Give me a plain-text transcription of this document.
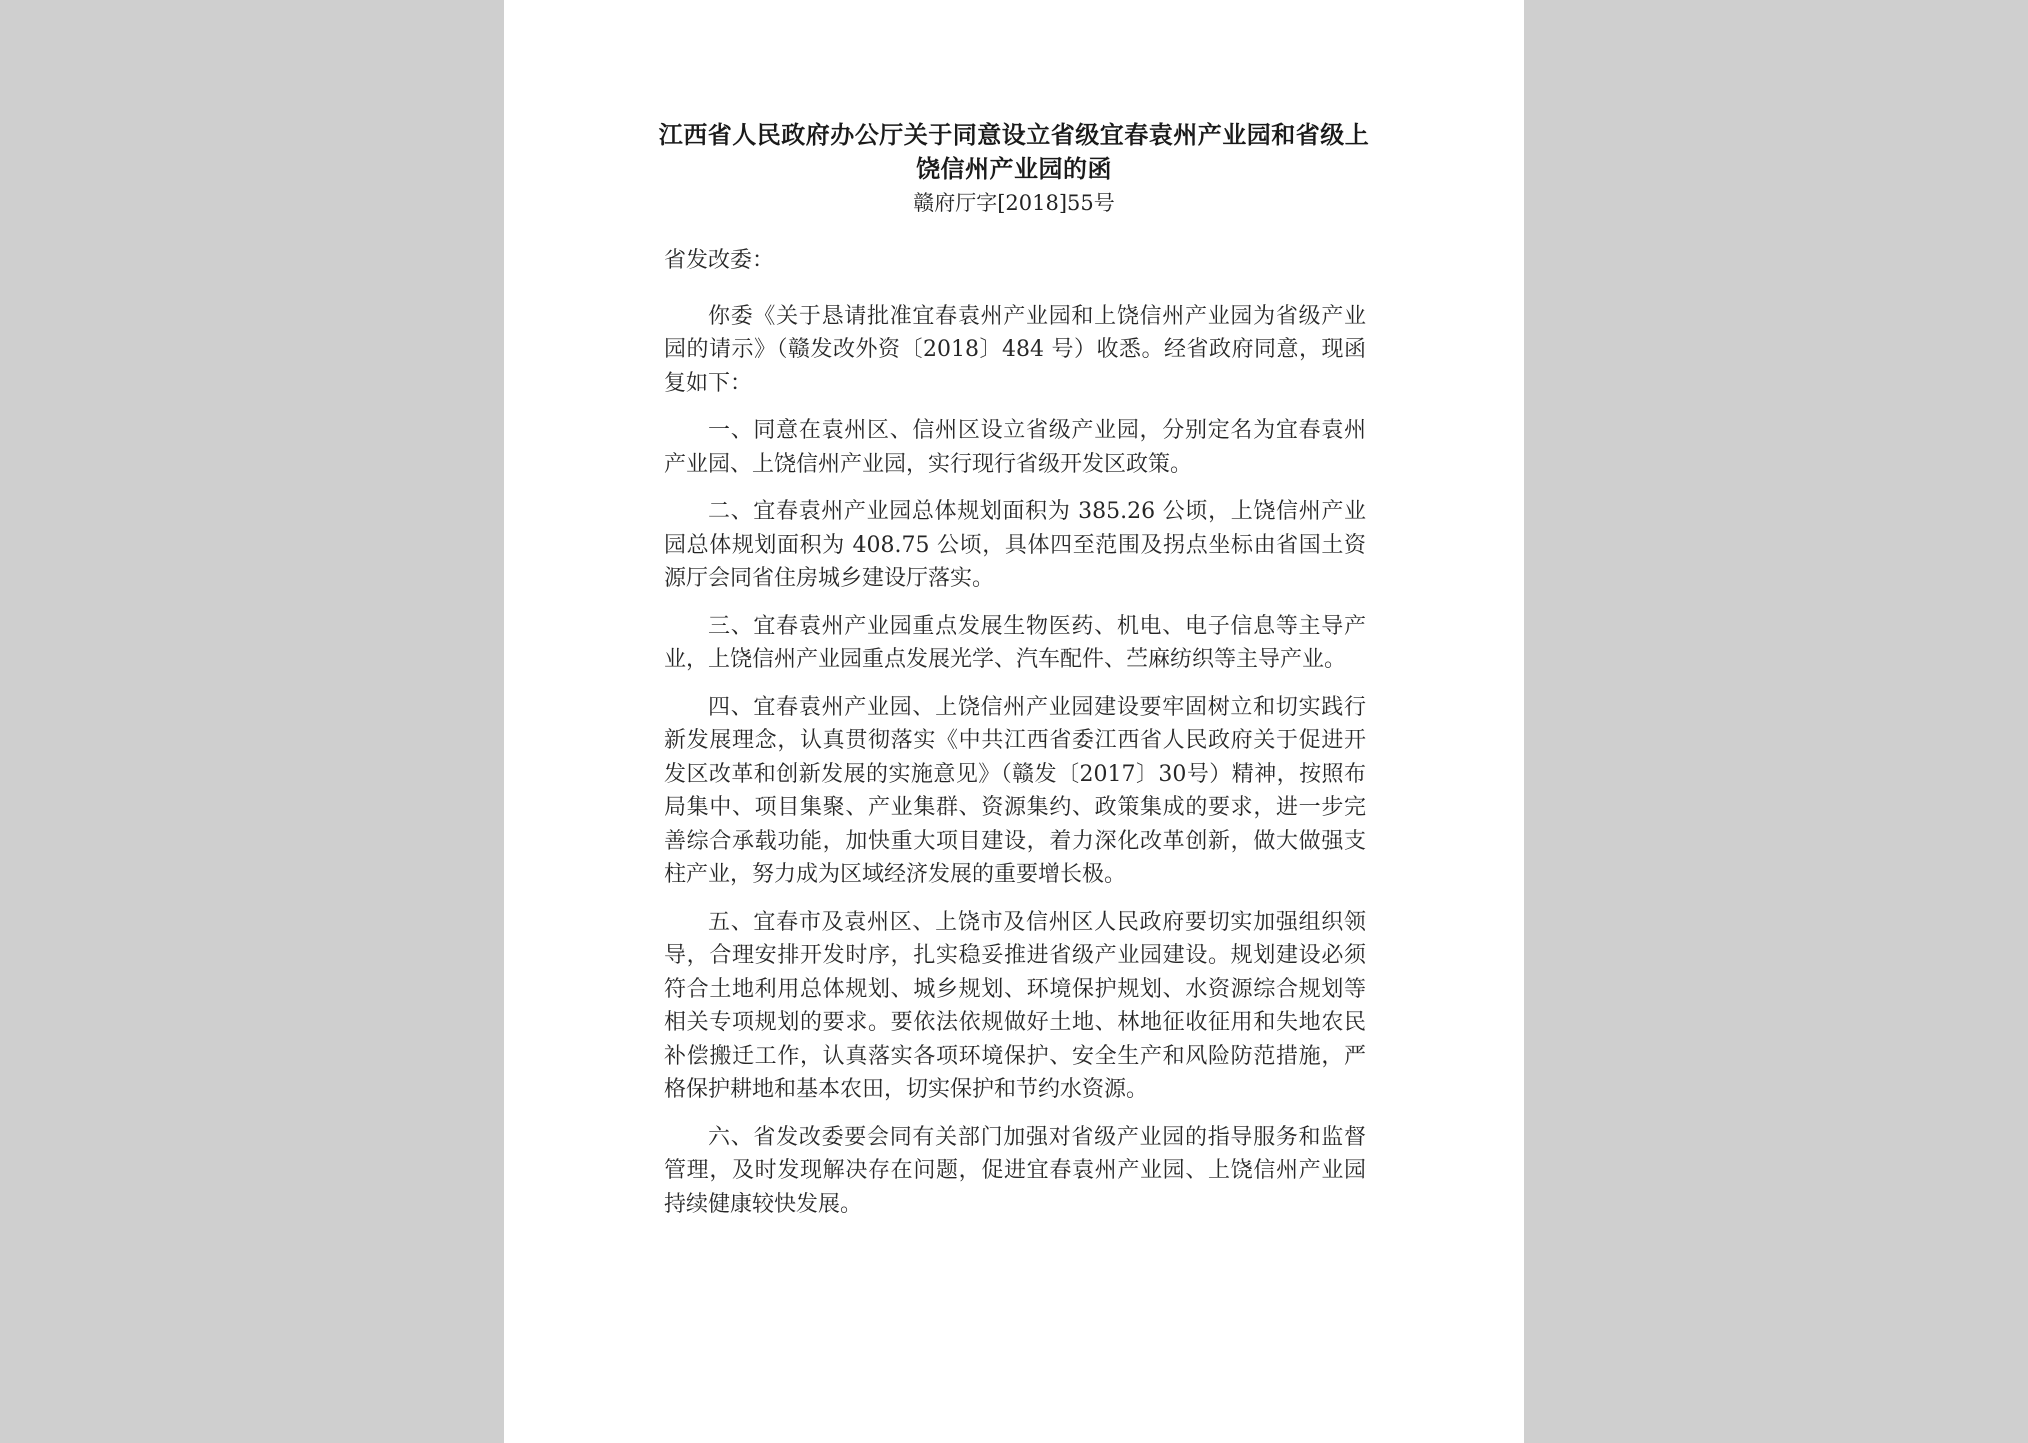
江西省人民政府办公厅关于同意设立省级宜春袁州产业园和省级上饶信州产业园的函
赣府厅字[2018]55号

省发改委：

你委《关于恳请批准宜春袁州产业园和上饶信州产业园为省级产业园的请示》（赣发改外资〔2018〕484 号）收悉。经省政府同意，现函复如下：

一、同意在袁州区、信州区设立省级产业园，分别定名为宜春袁州产业园、上饶信州产业园，实行现行省级开发区政策。

二、宜春袁州产业园总体规划面积为 385.26 公顷，上饶信州产业园总体规划面积为 408.75 公顷，具体四至范围及拐点坐标由省国土资源厅会同省住房城乡建设厅落实。

三、宜春袁州产业园重点发展生物医药、机电、电子信息等主导产业，上饶信州产业园重点发展光学、汽车配件、苎麻纺织等主导产业。

四、宜春袁州产业园、上饶信州产业园建设要牢固树立和切实践行新发展理念，认真贯彻落实《中共江西省委江西省人民政府关于促进开发区改革和创新发展的实施意见》（赣发〔2017〕30号）精神，按照布局集中、项目集聚、产业集群、资源集约、政策集成的要求，进一步完善综合承载功能，加快重大项目建设，着力深化改革创新，做大做强支柱产业，努力成为区域经济发展的重要增长极。

五、宜春市及袁州区、上饶市及信州区人民政府要切实加强组织领导，合理安排开发时序，扎实稳妥推进省级产业园建设。规划建设必须符合土地利用总体规划、城乡规划、环境保护规划、水资源综合规划等相关专项规划的要求。要依法依规做好土地、林地征收征用和失地农民补偿搬迁工作，认真落实各项环境保护、安全生产和风险防范措施，严格保护耕地和基本农田，切实保护和节约水资源。

六、省发改委要会同有关部门加强对省级产业园的指导服务和监督管理，及时发现解决存在问题，促进宜春袁州产业园、上饶信州产业园持续健康较快发展。
